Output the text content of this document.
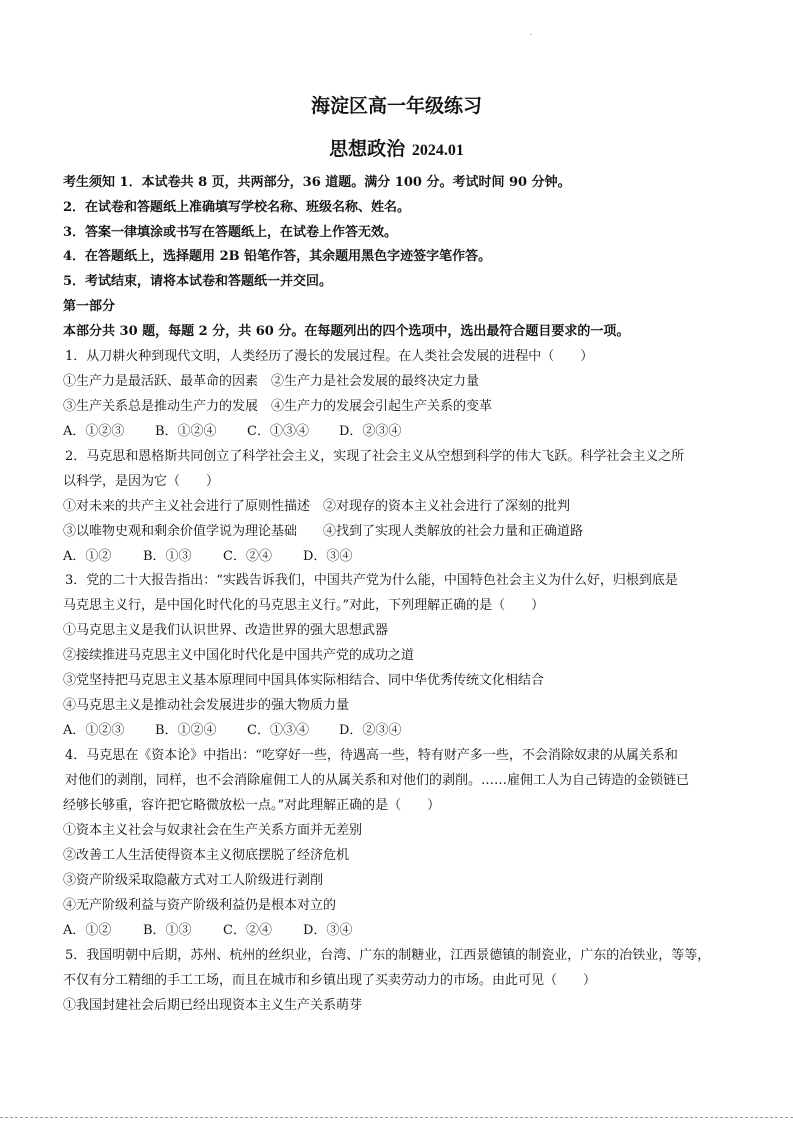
海淀区高一年级练习
思想政治 2024.01
考生须知 1．本试卷共 8 页，共两部分，36 道题。满分 100 分。考试时间 90 分钟。
2．在试卷和答题纸上准确填写学校名称、班级名称、姓名。
3．答案一律填涂或书写在答题纸上，在试卷上作答无效。
4．在答题纸上，选择题用 2B 铅笔作答，其余题用黑色字迹签字笔作答。
5．考试结束，请将本试卷和答题纸一并交回。
第一部分
本部分共 30 题，每题 2 分，共 60 分。在每题列出的四个选项中，选出最符合题目要求的一项。
1．从刀耕火种到现代文明，人类经历了漫长的发展过程。在人类社会发展的进程中（　　）
①生产力是最活跃、最革命的因素　②生产力是社会发展的最终决定力量
③生产关系总是推动生产力的发展　④生产力的发展会引起生产关系的变革
A．①②③ B．①②④ C．①③④ D．②③④
2．马克思和恩格斯共同创立了科学社会主义，实现了社会主义从空想到科学的伟大飞跃。科学社会主义之所
以科学，是因为它（　　）
①对未来的共产主义社会进行了原则性描述　②对现存的资本主义社会进行了深刻的批判
③以唯物史观和剩余价值学说为理论基础　　④找到了实现人类解放的社会力量和正确道路
A．①② B．①③ C．②④ D．③④
3．党的二十大报告指出：“实践告诉我们，中国共产党为什么能，中国特色社会主义为什么好，归根到底是
马克思主义行，是中国化时代化的马克思主义行。”对此，下列理解正确的是（　　）
①马克思主义是我们认识世界、改造世界的强大思想武器
②接续推进马克思主义中国化时代化是中国共产党的成功之道
③党坚持把马克思主义基本原理同中国具体实际相结合、同中华优秀传统文化相结合
④马克思主义是推动社会发展进步的强大物质力量
A．①②③ B．①②④ C．①③④ D．②③④
4．马克思在《资本论》中指出：“吃穿好一些，待遇高一些，特有财产多一些，不会消除奴隶的从属关系和
对他们的剥削，同样，也不会消除雇佣工人的从属关系和对他们的剥削。……雇佣工人为自己铸造的金锁链已
经够长够重，容许把它略微放松一点。”对此理解正确的是（　　）
①资本主义社会与奴隶社会在生产关系方面并无差别
②改善工人生活使得资本主义彻底摆脱了经济危机
③资产阶级采取隐蔽方式对工人阶级进行剥削
④无产阶级利益与资产阶级利益仍是根本对立的
A．①② B．①③ C．②④ D．③④
5．我国明朝中后期，苏州、杭州的丝织业，台湾、广东的制糖业，江西景德镇的制瓷业，广东的冶铁业，等等，
不仅有分工精细的手工工场，而且在城市和乡镇出现了买卖劳动力的市场。由此可见（　　）
①我国封建社会后期已经出现资本主义生产关系萌芽
